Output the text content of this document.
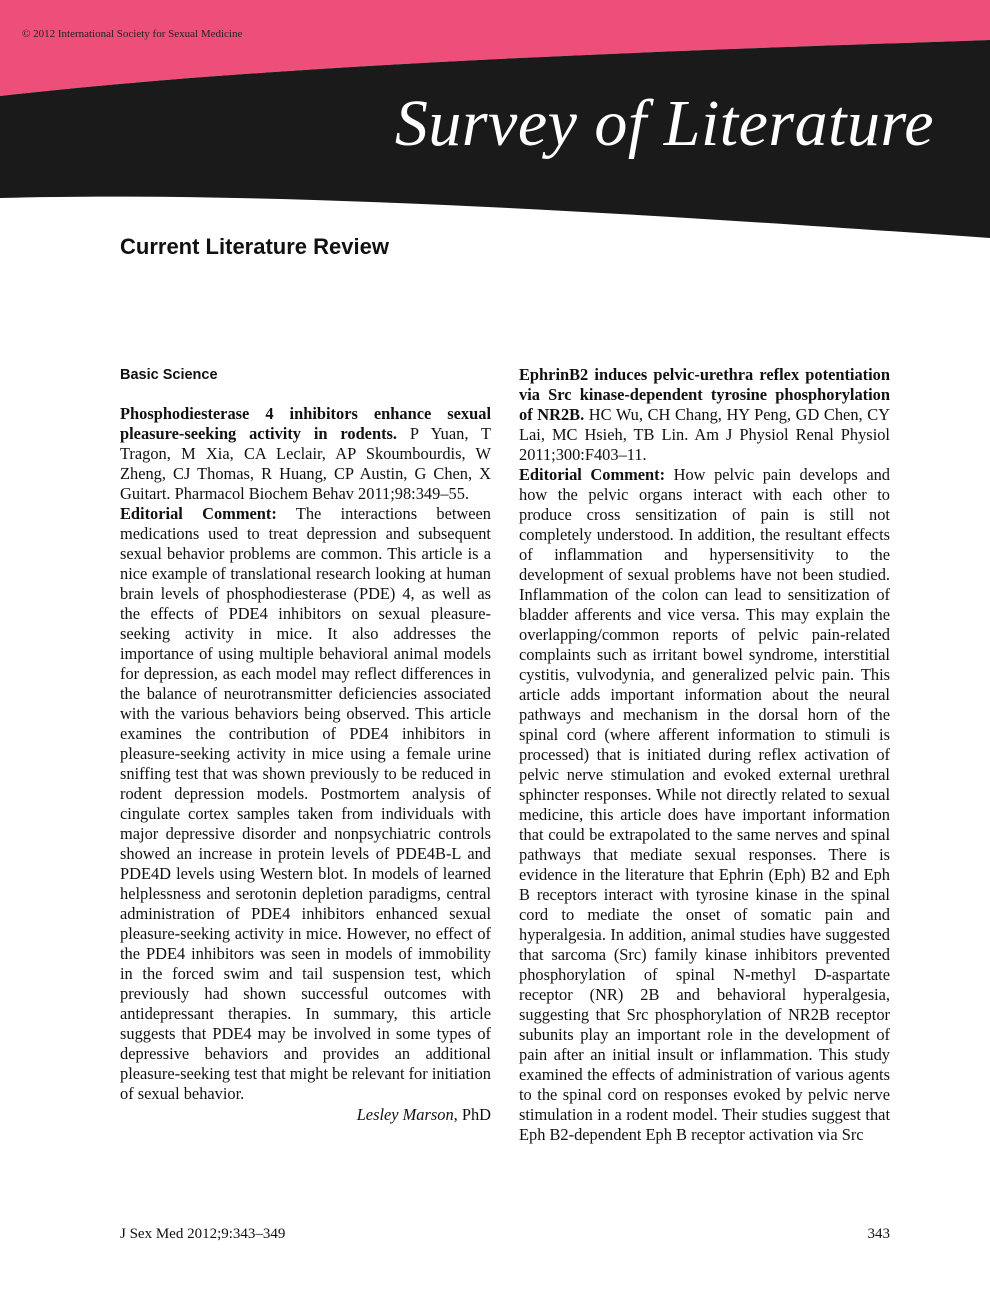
© 2012 International Society for Sexual Medicine
Survey of Literature
Current Literature Review

Basic Science

Phosphodiesterase 4 inhibitors enhance sexual pleasure-seeking activity in rodents. P Yuan, T Tragon, M Xia, CA Leclair, AP Skoumbourdis, W Zheng, CJ Thomas, R Huang, CP Austin, G Chen, X Guitart. Pharmacol Biochem Behav 2011;98:349–55.

Editorial Comment: The interactions between medications used to treat depression and subsequent sexual behavior problems are common. This article is a nice example of translational research looking at human brain levels of phosphodiesterase (PDE) 4, as well as the effects of PDE4 inhibitors on sexual pleasure-seeking activity in mice. It also addresses the importance of using multiple behavioral animal models for depression, as each model may reflect differences in the balance of neurotransmitter deficiencies associated with the various behaviors being observed. This article examines the contribution of PDE4 inhibitors in pleasure-seeking activity in mice using a female urine sniffing test that was shown previously to be reduced in rodent depression models. Postmortem analysis of cingulate cortex samples taken from individuals with major depressive disorder and nonpsychiatric controls showed an increase in protein levels of PDE4B-L and PDE4D levels using Western blot. In models of learned helplessness and serotonin depletion paradigms, central administration of PDE4 inhibitors enhanced sexual pleasure-seeking activity in mice. However, no effect of the PDE4 inhibitors was seen in models of immobility in the forced swim and tail suspension test, which previously had shown successful outcomes with antidepressant therapies. In summary, this article suggests that PDE4 may be involved in some types of depressive behaviors and provides an additional pleasure-seeking test that might be relevant for initiation of sexual behavior.

Lesley Marson, PhD

EphrinB2 induces pelvic-urethra reflex potentiation via Src kinase-dependent tyrosine phosphorylation of NR2B. HC Wu, CH Chang, HY Peng, GD Chen, CY Lai, MC Hsieh, TB Lin. Am J Physiol Renal Physiol 2011;300:F403–11.

Editorial Comment: How pelvic pain develops and how the pelvic organs interact with each other to produce cross sensitization of pain is still not completely understood. In addition, the resultant effects of inflammation and hypersensitivity to the development of sexual problems have not been studied. Inflammation of the colon can lead to sensitization of bladder afferents and vice versa. This may explain the overlapping/common reports of pelvic pain-related complaints such as irritant bowel syndrome, interstitial cystitis, vulvodynia, and generalized pelvic pain. This article adds important information about the neural pathways and mechanism in the dorsal horn of the spinal cord (where afferent information to stimuli is processed) that is initiated during reflex activation of pelvic nerve stimulation and evoked external urethral sphincter responses. While not directly related to sexual medicine, this article does have important information that could be extrapolated to the same nerves and spinal pathways that mediate sexual responses. There is evidence in the literature that Ephrin (Eph) B2 and Eph B receptors interact with tyrosine kinase in the spinal cord to mediate the onset of somatic pain and hyperalgesia. In addition, animal studies have suggested that sarcoma (Src) family kinase inhibitors prevented phosphorylation of spinal N-methyl D-aspartate receptor (NR) 2B and behavioral hyperalgesia, suggesting that Src phosphorylation of NR2B receptor subunits play an important role in the development of pain after an initial insult or inflammation. This study examined the effects of administration of various agents to the spinal cord on responses evoked by pelvic nerve stimulation in a rodent model. Their studies suggest that Eph B2-dependent Eph B receptor activation via Src

J Sex Med 2012;9:343–349	343
